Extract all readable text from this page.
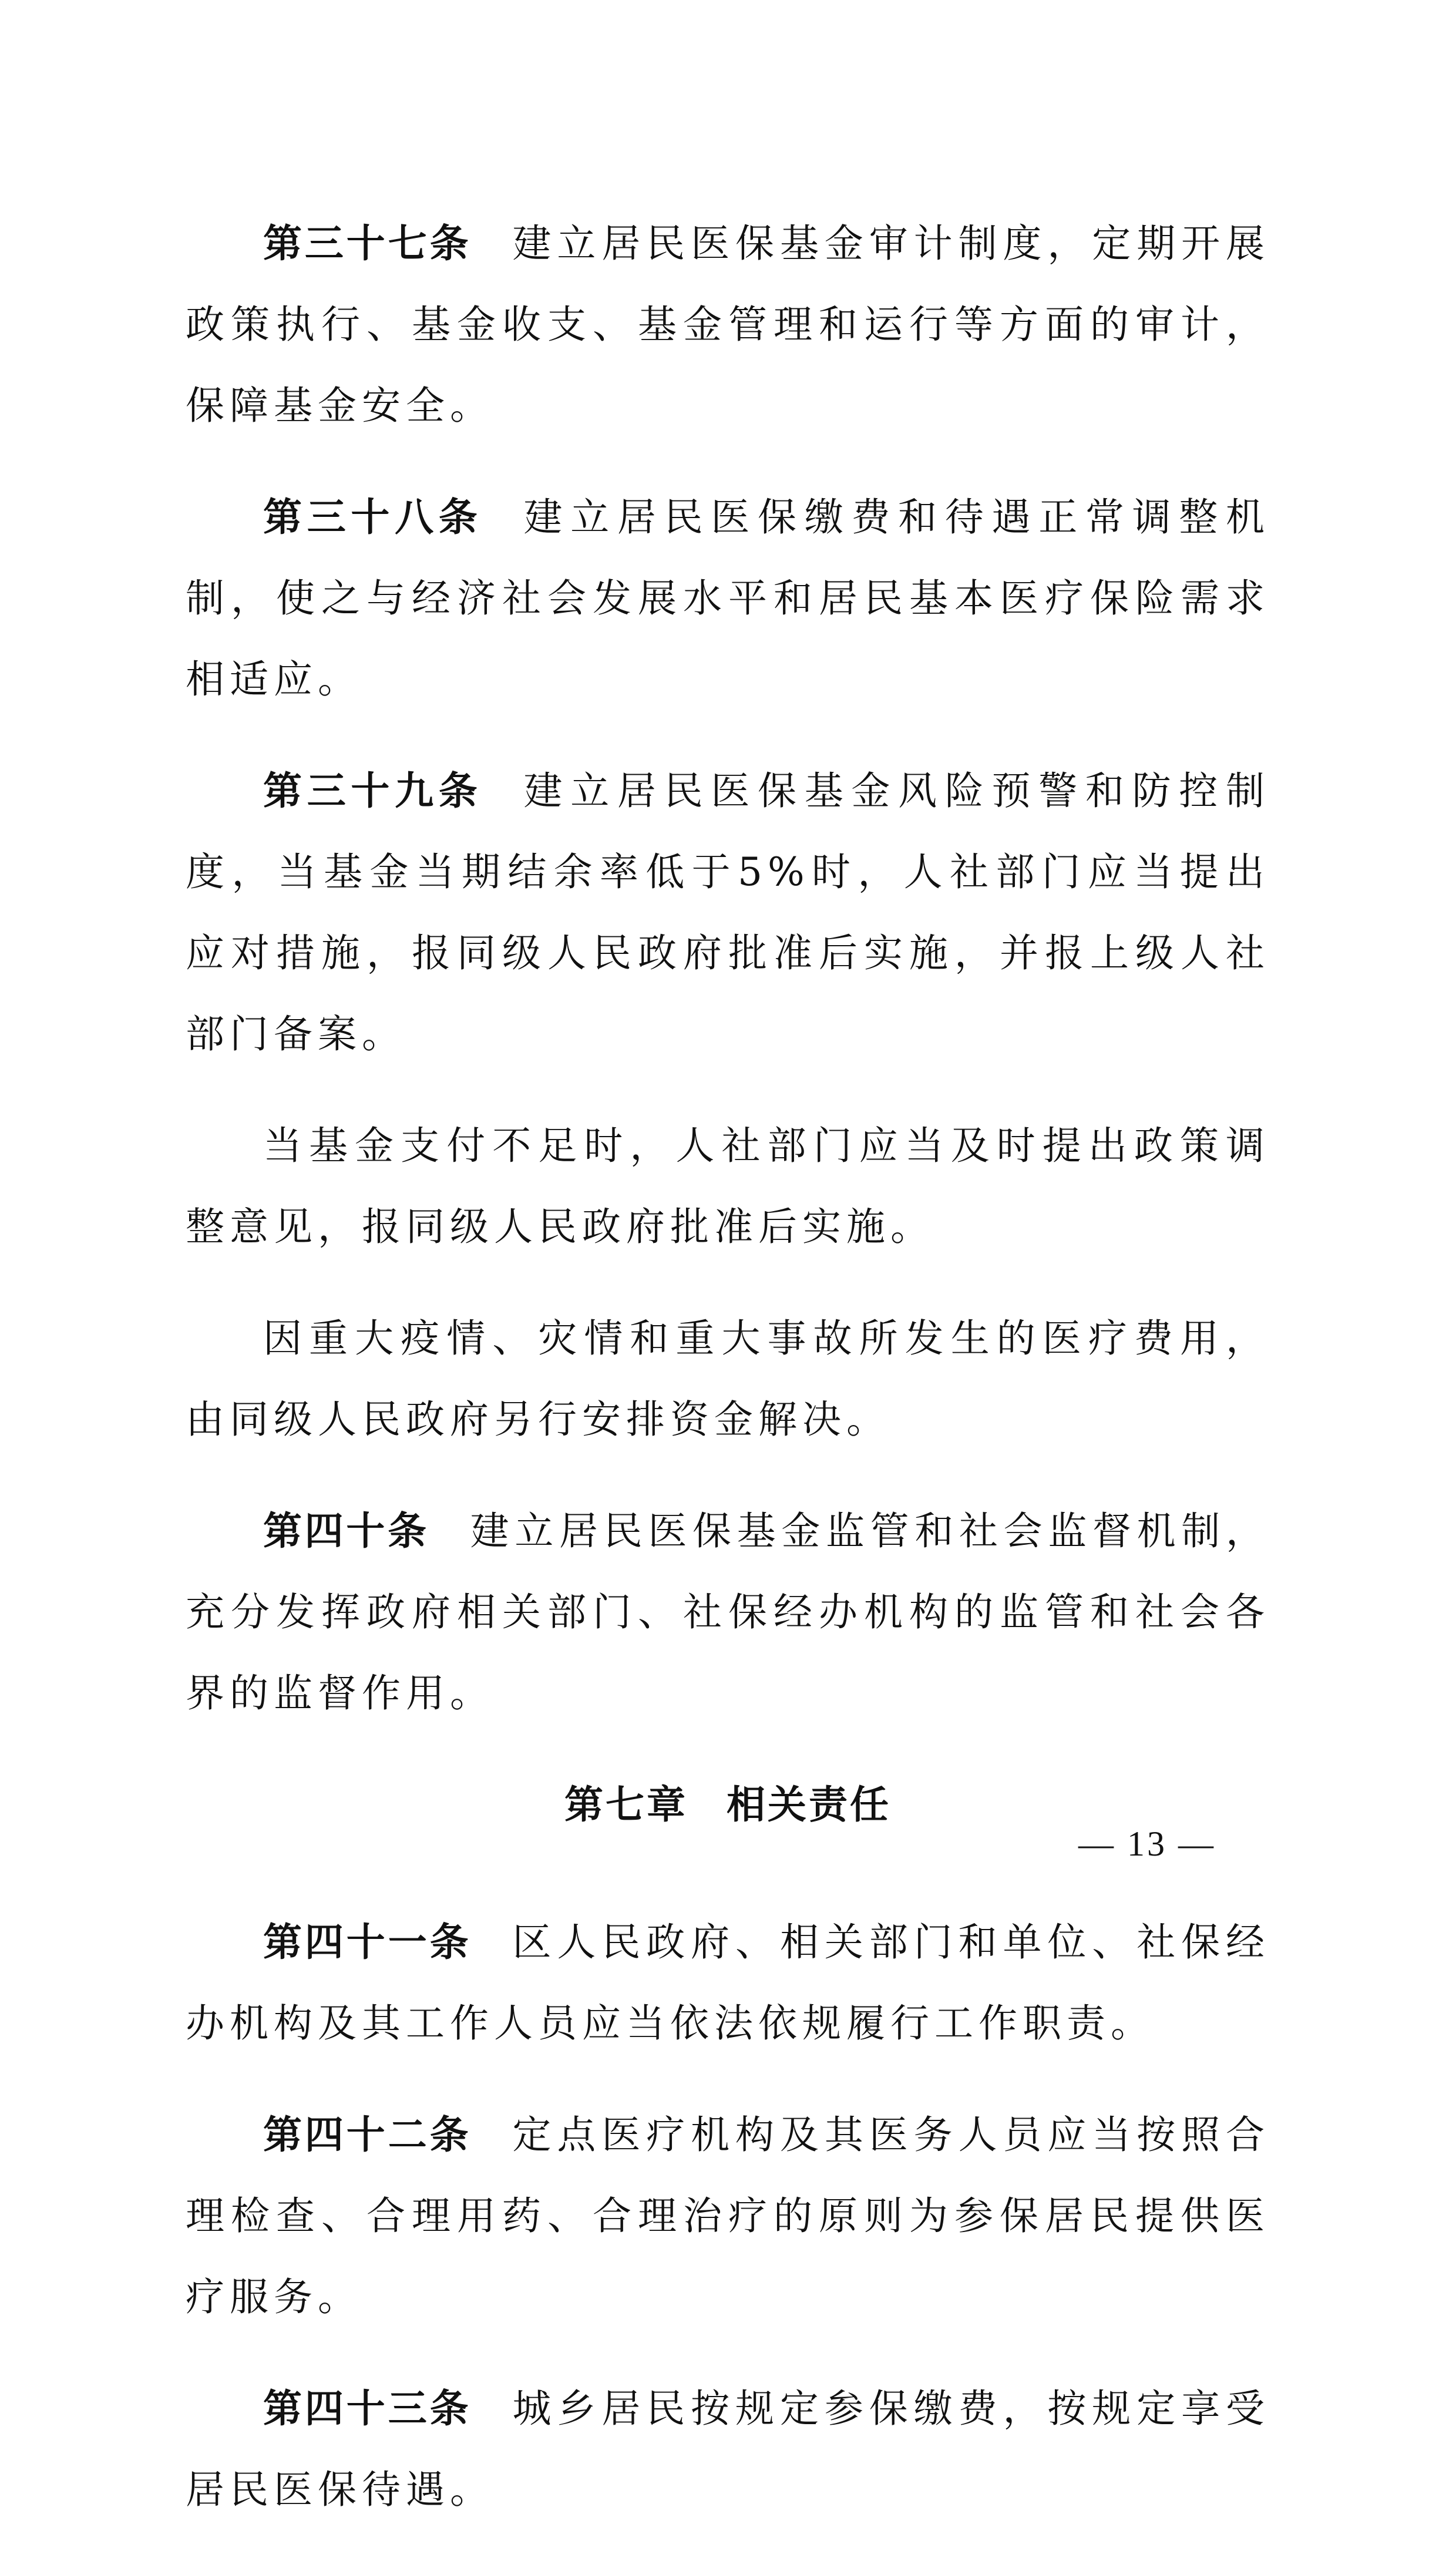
第三十七条 建立居民医保基金审计制度，定期开展政策执行、基金收支、基金管理和运行等方面的审计，保障基金安全。

第三十八条 建立居民医保缴费和待遇正常调整机制，使之与经济社会发展水平和居民基本医疗保险需求相适应。

第三十九条 建立居民医保基金风险预警和防控制度，当基金当期结余率低于5%时，人社部门应当提出应对措施，报同级人民政府批准后实施，并报上级人社部门备案。

当基金支付不足时，人社部门应当及时提出政策调整意见，报同级人民政府批准后实施。

因重大疫情、灾情和重大事故所发生的医疗费用，由同级人民政府另行安排资金解决。

第四十条 建立居民医保基金监管和社会监督机制，充分发挥政府相关部门、社保经办机构的监管和社会各界的监督作用。

第七章 相关责任

第四十一条 区人民政府、相关部门和单位、社保经办机构及其工作人员应当依法依规履行工作职责。

第四十二条 定点医疗机构及其医务人员应当按照合理检查、合理用药、合理治疗的原则为参保居民提供医疗服务。

第四十三条 城乡居民按规定参保缴费，按规定享受居民医保待遇。

— 13 —
